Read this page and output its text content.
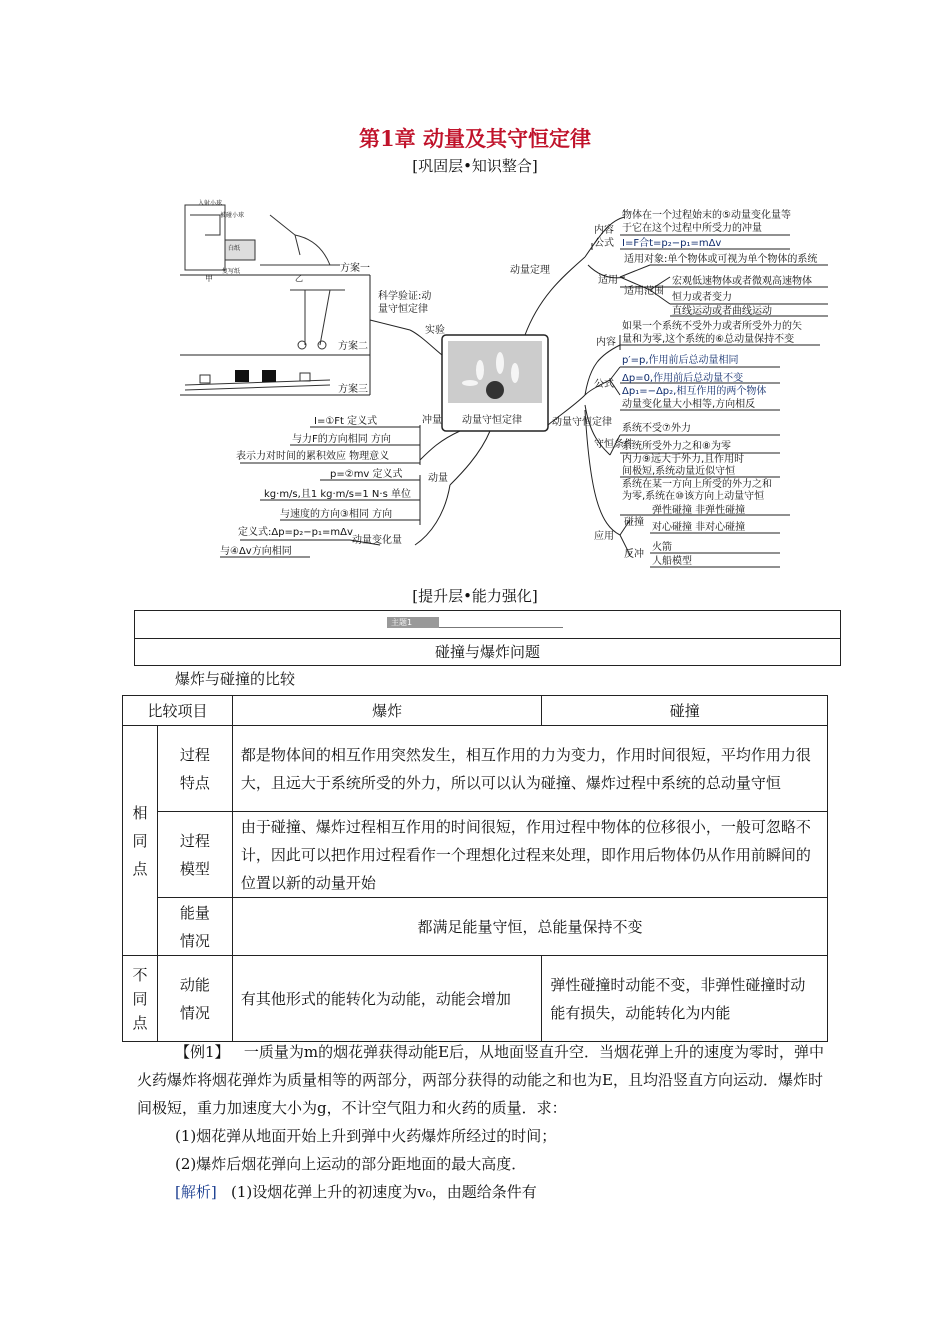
第1章 动量及其守恒定律
[巩固层•知识整合]
动量守恒定律
动量定理
内容
物体在一个过程始末的⑤动量变化量等
于它在这个过程中所受力的冲量
公式 I=F合t=p₂−p₁=mΔv
适用
适用对象:单个物体或可视为单个物体的系统
适用范围
宏观低速物体或者微观高速物体
恒力或者变力
直线运动或者曲线运动
动量守恒定律
内容
如果一个系统不受外力或者所受外力的矢
量和为零,这个系统的⑥总动量保持不变
公式
p′=p,作用前后总动量相同
Δp=0,作用前后总动量不变
Δp₁=−Δp₂,相互作用的两个物体
动量变化量大小相等,方向相反
守恒条件
系统不受⑦外力
系统所受外力之和⑧为零
内力⑨远大于外力,且作用时
间极短,系统动量近似守恒
系统在某一方向上所受的外力之和
为零,系统在⑩该方向上动量守恒
应用
碰撞
弹性碰撞 非弹性碰撞
对心碰撞 非对心碰撞
反冲
火箭
人船模型
实验
科学验证:动
量守恒定律
方案一
方案二
方案三
甲	乙
入射小球
被碰小球
白纸
复写纸
冲量
I=①Ft 定义式
与力F的方向相同 方向
表示力对时间的累积效应 物理意义
动量
p=②mv 定义式
kg·m/s,且1 kg·m/s=1 N·s 单位
与速度的方向③相同 方向
动量变化量
定义式:Δp=p₂−p₁=mΔv
与④Δv方向相同
[提升层•能力强化]
主题1
碰撞与爆炸问题
爆炸与碰撞的比较
比较项目		爆炸	碰撞
相
同
点	过程
特点	都是物体间的相互作用突然发生，相互作用的力为变力，作用时间很短，平均作用力很大，且远大于系统所受的外力，所以可以认为碰撞、爆炸过程中系统的总动量守恒	
	过程
模型	由于碰撞、爆炸过程相互作用的时间很短，作用过程中物体的位移很小，一般可忽略不计，因此可以把作用过程看作一个理想化过程来处理，即作用后物体仍从作用前瞬间的位置以新的动量开始	
	能量
情况	都满足能量守恒，总能量保持不变	
不
同
点	动能
情况	有其他形式的能转化为动能，动能会增加	弹性碰撞时动能不变，非弹性碰撞时动能有损失，动能转化为内能
【例1】 一质量为m的烟花弹获得动能E后，从地面竖直升空．当烟花弹上升的速度为零时，弹中火药爆炸将烟花弹炸为质量相等的两部分，两部分获得的动能之和也为E，且均沿竖直方向运动．爆炸时间极短，重力加速度大小为g，不计空气阻力和火药的质量．求：
(1)烟花弹从地面开始上升到弹中火药爆炸所经过的时间；
(2)爆炸后烟花弹向上运动的部分距地面的最大高度．
[解析] (1)设烟花弹上升的初速度为v₀，由题给条件有
